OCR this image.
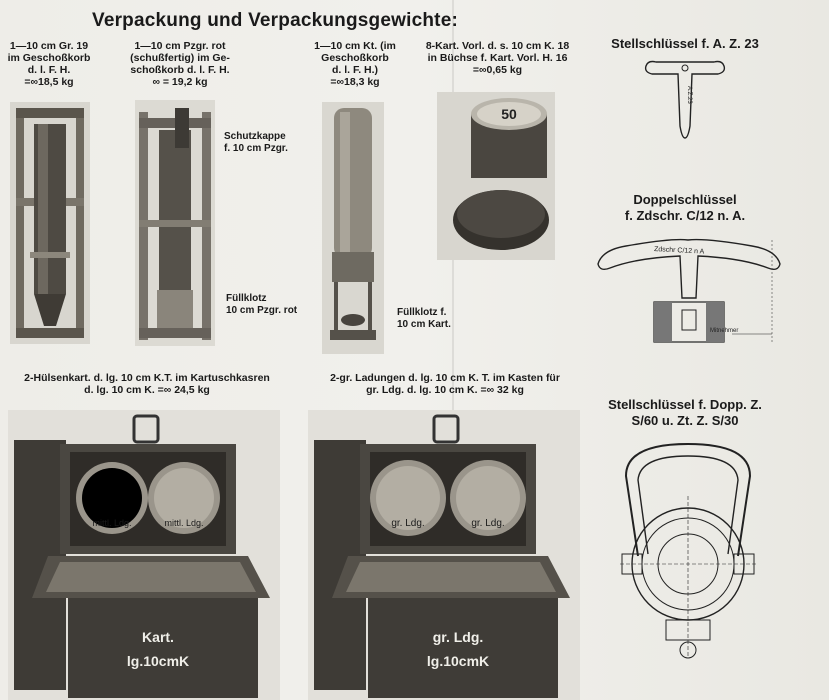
Verpackung und Verpackungsgewichte:
1—10 cm Gr. 19
im Geschoßkorb
d. l. F. H.
=∞18,5 kg
1—10 cm Pzgr. rot
(schußfertig) im Ge-
schoßkorb d. l. F. H.
∞ = 19,2 kg
1—10 cm Kt. (im
Geschoßkorb
d. l. F. H.)
=∞18,3 kg
8-Kart. Vorl. d. s. 10 cm K. 18
in Büchse f. Kart. Vorl. H. 16
=∞0,65 kg
Schutzkappe
f. 10 cm Pzgr.
Füllklotz
10 cm Pzgr. rot	Füllklotz f.
10 cm Kart.
50
Stellschlüssel f. A. Z. 23
A.Z.23
Doppelschlüssel
f. Zdschr. C/12 n. A.
Zdschr C/12 n A
Mitnehmer
Stellschlüssel f. Dopp. Z.
S/60 u. Zt. Z. S/30
2-Hülsenkart. d. lg. 10 cm K.T. im Kartuschkasren
d. lg. 10 cm K. =∞ 24,5 kg
2-gr. Ladungen d. lg. 10 cm K. T. im Kasten für
gr. Ldg. d. lg. 10 cm K. =∞ 32 kg
mittl. Ldg.	mittl. Ldg.
Kart.
lg.10cmK
gr. Ldg.	gr. Ldg.
gr. Ldg.
lg.10cmK
